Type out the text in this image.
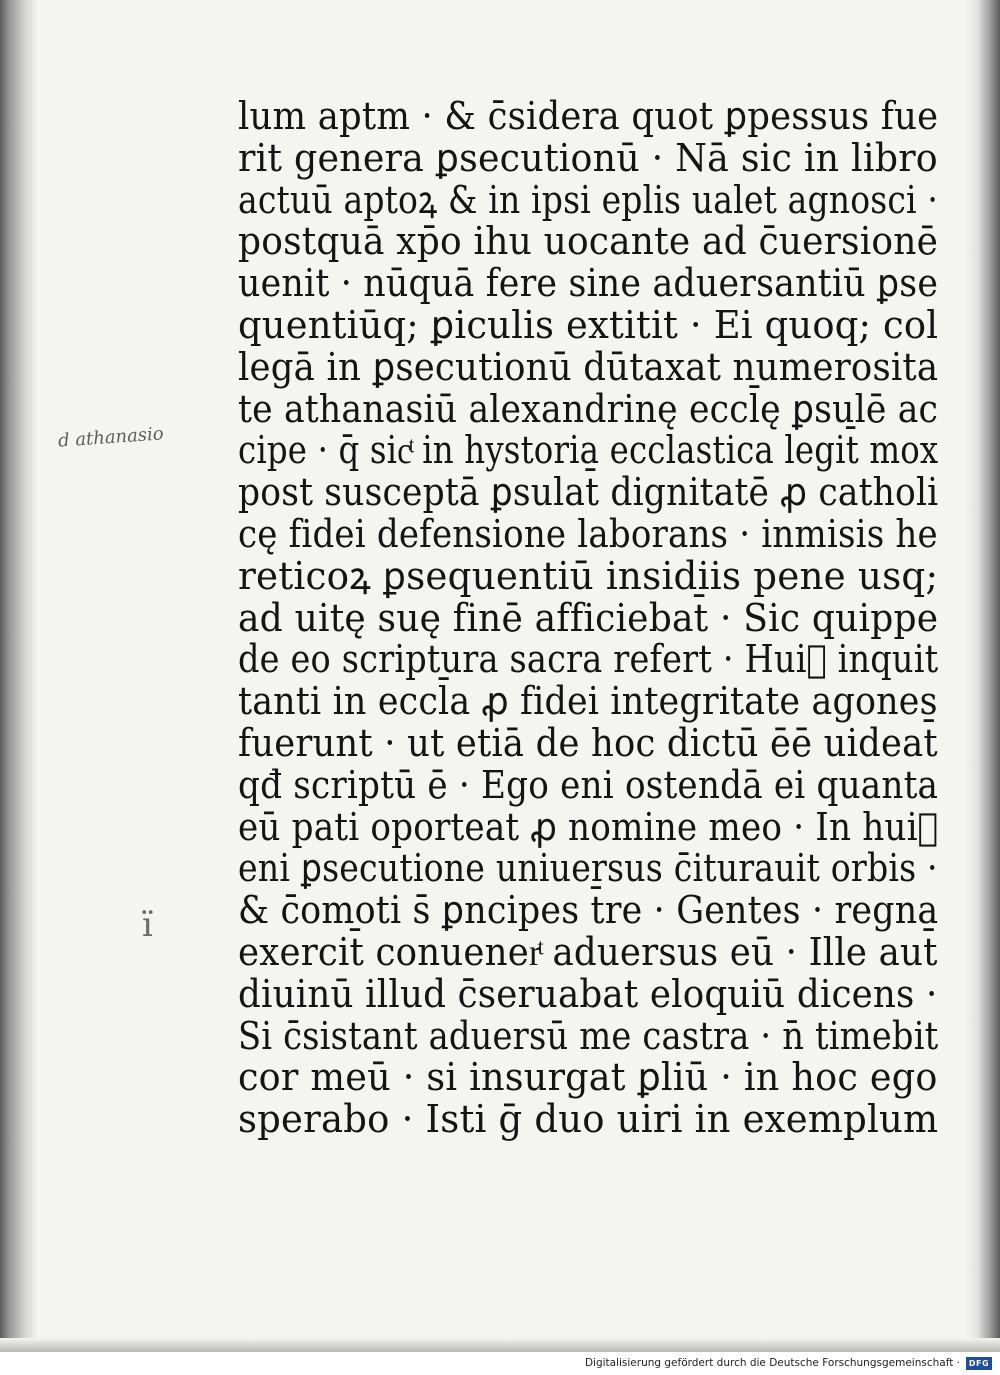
d athanasio
ï
lum aptm · & c̄sidera quot ꝑpessus fue
rit genera ꝑsecutionū · Nā sic in libro
actuū aptoꝝ & in ipsi eplis ualet agnosci ·
postquā xp̄o ihu uocante ad c̄uersionē
uenit · nūquā fere sine aduersantiū ꝑse
quentiūq; ꝑiculis extitit · Ei quoq; col
legā in ꝑsecutionū dūtaxat numerosita
te athanasiū alexandrinę eccl̄ę ꝑsulē ac
cipe · q̄ sicͭ in hystoria ecclastica legit̄ mox
post susceptā ꝑsulat̄ dignitatē ꝓ catholi
cę fidei defensione laborans · inmisis he
reticoꝝ ꝑsequentiū insidiis pene usq;
ad uitę suę finē afficiebat̄ · Sic quippe
de eo scriptura sacra refert · Hui᷒ inquit
tanti in eccl̄a ꝓ fidei integritate agones
fuerunt · ut etiā de hoc dictū ēē uideat̄
qđ scriptū ē · Ego eni ostendā ei quanta
eū pati oporteat ꝓ nomine meo · In hui᷒
eni ꝑsecutione uniuersus c̄iturauit orbis ·
& c̄omoti s̄ ꝑncipes t̄re · Gentes · regna
exercit̄ conuenerͭ aduersus eū · Ille aut̄
diuinū illud c̄seruabat eloquiū dicens ·
Si c̄sistant aduersū me castra · n̄ timebit
cor meū · si insurgat ꝑliū · in hoc ego
sperabo · Isti ḡ duo uiri in exemplum
Digitalisierung gefördert durch die Deutsche Forschungsgemeinschaft ·	DFG
